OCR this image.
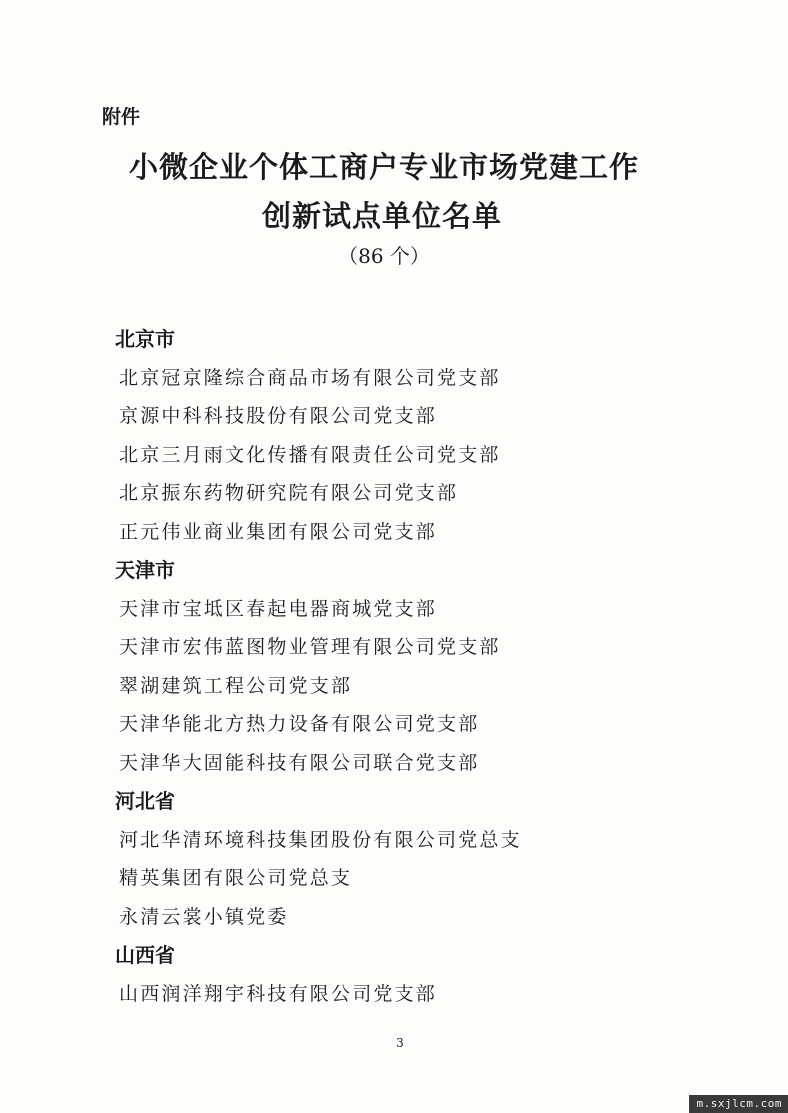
附件
小微企业个体工商户专业市场党建工作
创新试点单位名单
（86 个）
北京市
北京冠京隆综合商品市场有限公司党支部
京源中科科技股份有限公司党支部
北京三月雨文化传播有限责任公司党支部
北京振东药物研究院有限公司党支部
正元伟业商业集团有限公司党支部
天津市
天津市宝坻区春起电器商城党支部
天津市宏伟蓝图物业管理有限公司党支部
翠湖建筑工程公司党支部
天津华能北方热力设备有限公司党支部
天津华大固能科技有限公司联合党支部
河北省
河北华清环境科技集团股份有限公司党总支
精英集团有限公司党总支
永清云裳小镇党委
山西省
山西润洋翔宇科技有限公司党支部
3
m.sxjlcm.com
